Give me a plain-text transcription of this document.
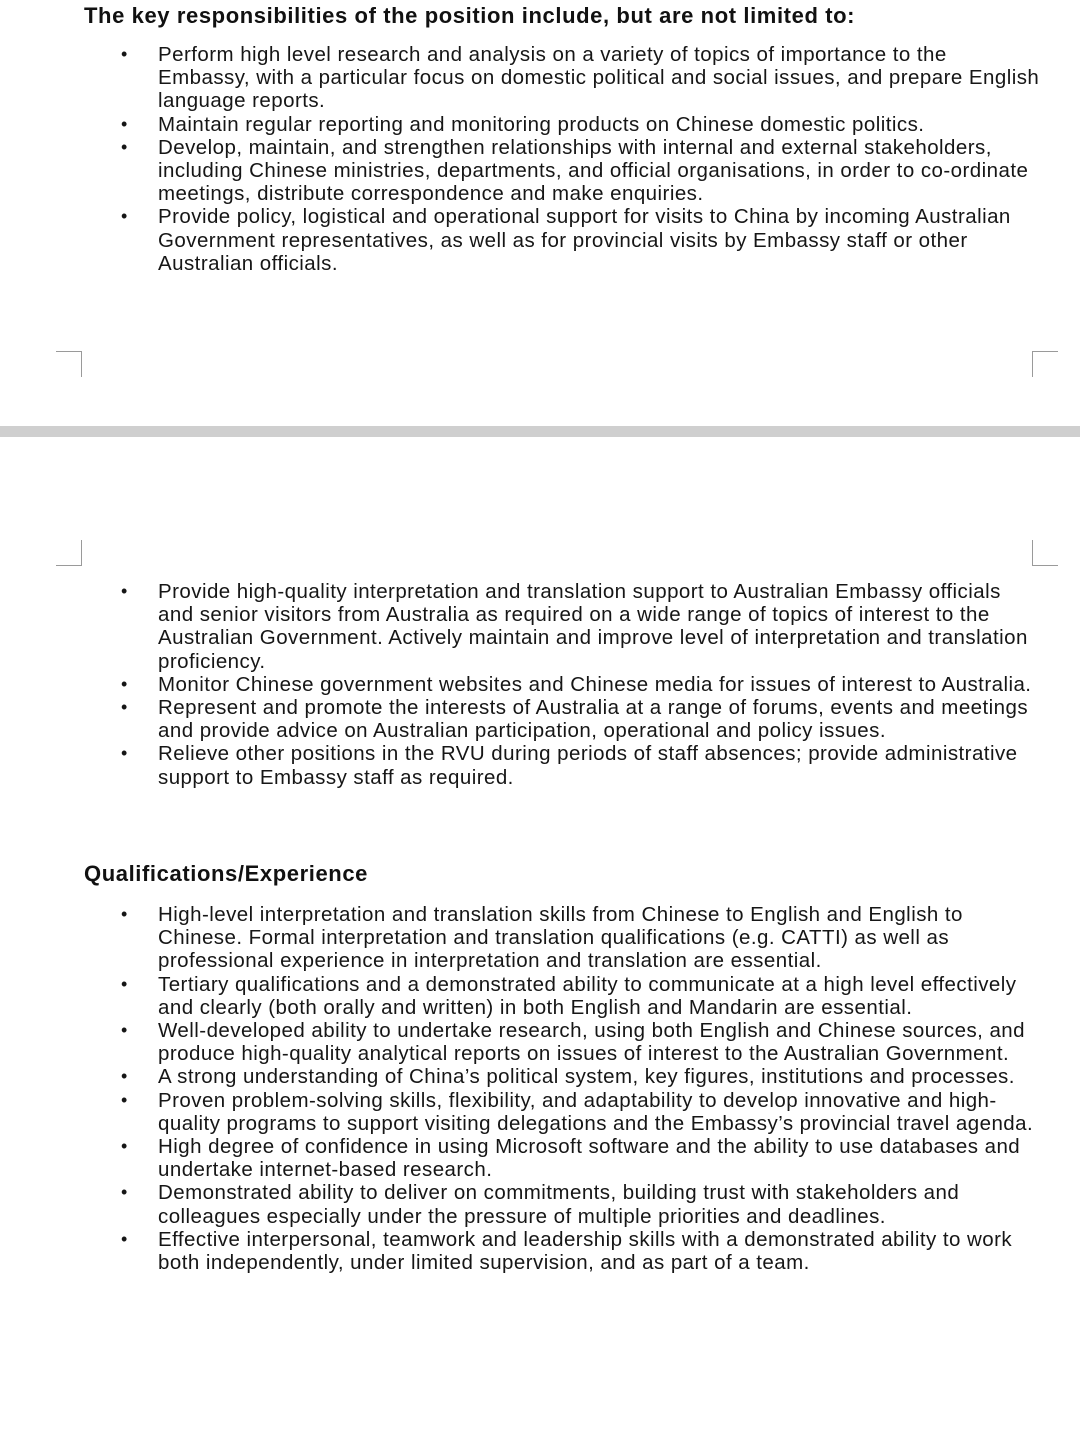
The key responsibilities of the position include, but are not limited to:
• Perform high level research and analysis on a variety of topics of importance to the Embassy, with a particular focus on domestic political and social issues, and prepare English language reports.
• Maintain regular reporting and monitoring products on Chinese domestic politics.
• Develop, maintain, and strengthen relationships with internal and external stakeholders, including Chinese ministries, departments, and official organisations, in order to co-ordinate meetings, distribute correspondence and make enquiries.
• Provide policy, logistical and operational support for visits to China by incoming Australian Government representatives, as well as for provincial visits by Embassy staff or other Australian officials.
• Provide high-quality interpretation and translation support to Australian Embassy officials and senior visitors from Australia as required on a wide range of topics of interest to the Australian Government. Actively maintain and improve level of interpretation and translation proficiency.
• Monitor Chinese government websites and Chinese media for issues of interest to Australia.
• Represent and promote the interests of Australia at a range of forums, events and meetings and provide advice on Australian participation, operational and policy issues.
• Relieve other positions in the RVU during periods of staff absences; provide administrative support to Embassy staff as required.
Qualifications/Experience
• High-level interpretation and translation skills from Chinese to English and English to Chinese. Formal interpretation and translation qualifications (e.g. CATTI) as well as professional experience in interpretation and translation are essential.
• Tertiary qualifications and a demonstrated ability to communicate at a high level effectively and clearly (both orally and written) in both English and Mandarin are essential.
• Well-developed ability to undertake research, using both English and Chinese sources, and produce high-quality analytical reports on issues of interest to the Australian Government.
• A strong understanding of China’s political system, key figures, institutions and processes.
• Proven problem-solving skills, flexibility, and adaptability to develop innovative and high-quality programs to support visiting delegations and the Embassy’s provincial travel agenda.
• High degree of confidence in using Microsoft software and the ability to use databases and undertake internet-based research.
• Demonstrated ability to deliver on commitments, building trust with stakeholders and colleagues especially under the pressure of multiple priorities and deadlines.
• Effective interpersonal, teamwork and leadership skills with a demonstrated ability to work both independently, under limited supervision, and as part of a team.
